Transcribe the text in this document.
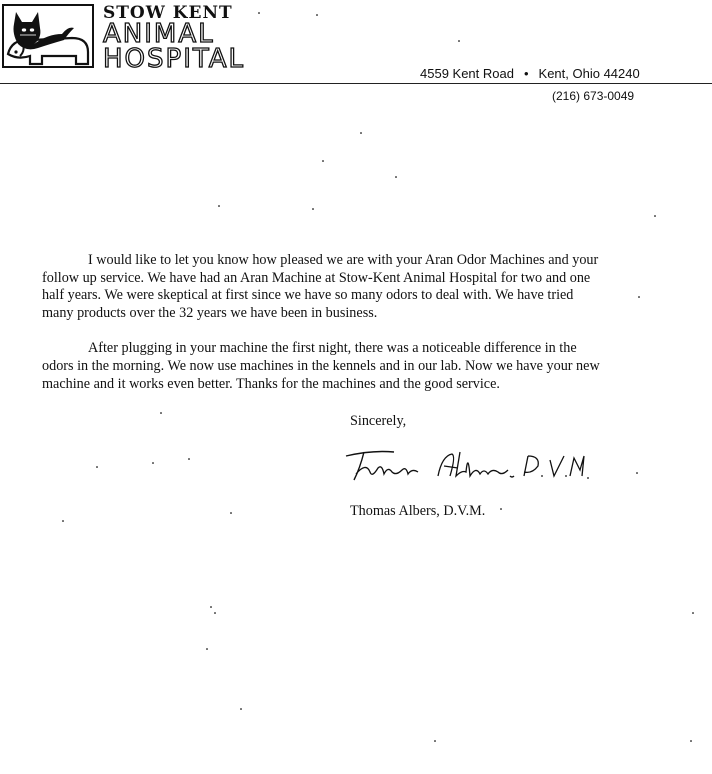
STOW KENT
ANIMAL
HOSPITAL	4559 Kent Road • Kent, Ohio 44240
(216) 673-0049

I would like to let you know how pleased we are with your Aran Odor Machines and your follow up service. We have had an Aran Machine at Stow-Kent Animal Hospital for two and one half years. We were skeptical at first since we have so many odors to deal with. We have tried many products over the 32 years we have been in business.

After plugging in your machine the first night, there was a noticeable difference in the odors in the morning. We now use machines in the kennels and in our lab. Now we have your new machine and it works even better. Thanks for the machines and the good service.

Sincerely,
Thomas Albers, D.V.M.
